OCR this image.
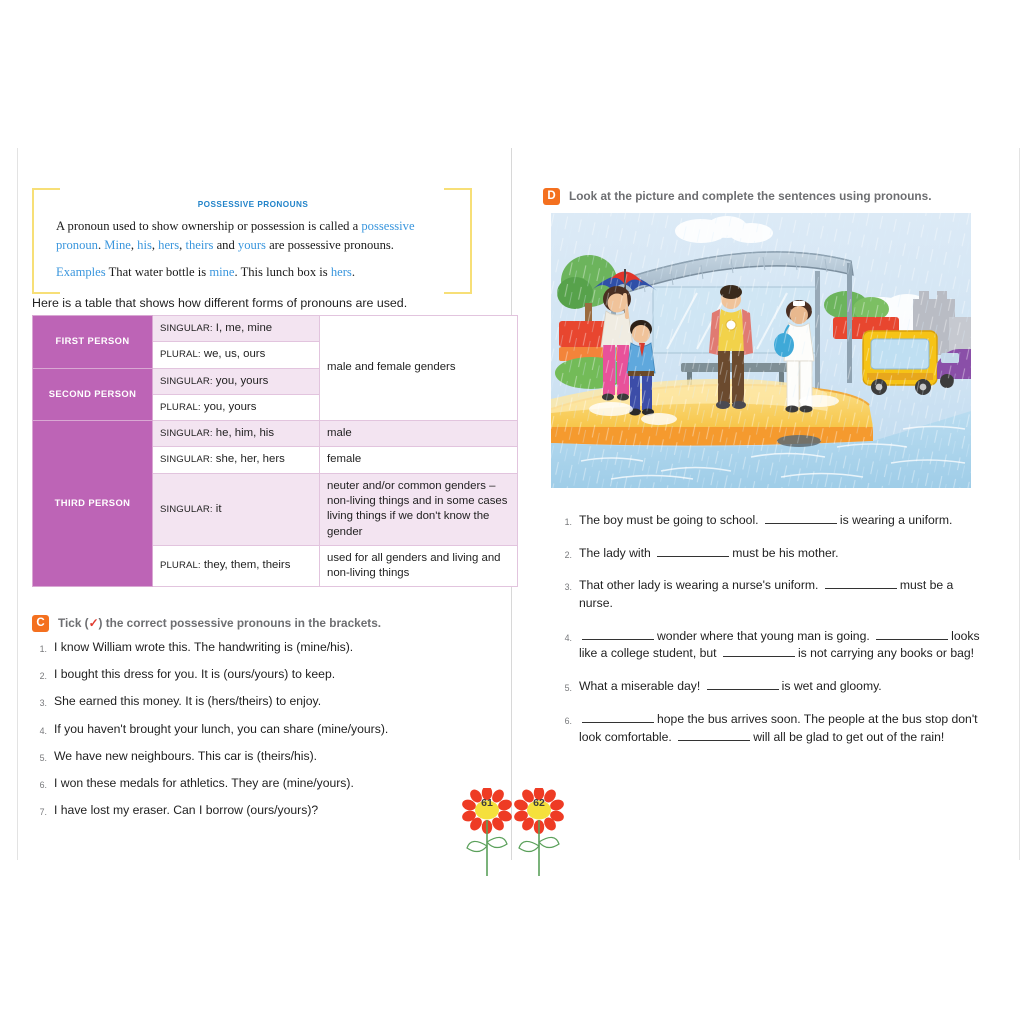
POSSESSIVE PRONOUNS

A pronoun used to show ownership or possession is called a possessive pronoun. Mine, his, hers, theirs and yours are possessive pronouns.

Examples That water bottle is mine. This lunch box is hers.

Here is a table that shows how different forms of pronouns are used.
FIRST PERSON	SINGULAR: I, me, mine	male and female genders
	PLURAL: we, us, ours	
SECOND PERSON	SINGULAR: you, yours	
	PLURAL: you, yours	
THIRD PERSON	SINGULAR: he, him, his	male
	SINGULAR: she, her, hers	female
	SINGULAR: it	neuter and/or common genders – non-living things and in some cases living things if we don't know the gender
	PLURAL: they, them, theirs	used for all genders and living and non-living things
C	Tick (✓) the correct possessive pronouns in the brackets.
1. I know William wrote this. The handwriting is (mine/his).
2. I bought this dress for you. It is (ours/yours) to keep.
3. She earned this money. It is (hers/theirs) to enjoy.
4. If you haven't brought your lunch, you can share (mine/yours).
5. We have new neighbours. This car is (theirs/his).
6. I won these medals for athletics. They are (mine/yours).
7. I have lost my eraser. Can I borrow (ours/yours)?
D	Look at the picture and complete the sentences using pronouns.
1. The boy must be going to school.	is wearing a uniform.
2. The lady with	must be his mother.
3. That other lady is wearing a nurse's uniform.	must be a nurse.
4.	wonder where that young man is going.	looks like a college student, but	is not carrying any books or bag!
5. What a miserable day!	is wet and gloomy.
6.	hope the bus arrives soon. The people at the bus stop don't look comfortable.	will all be glad to get out of the rain!
61	62
